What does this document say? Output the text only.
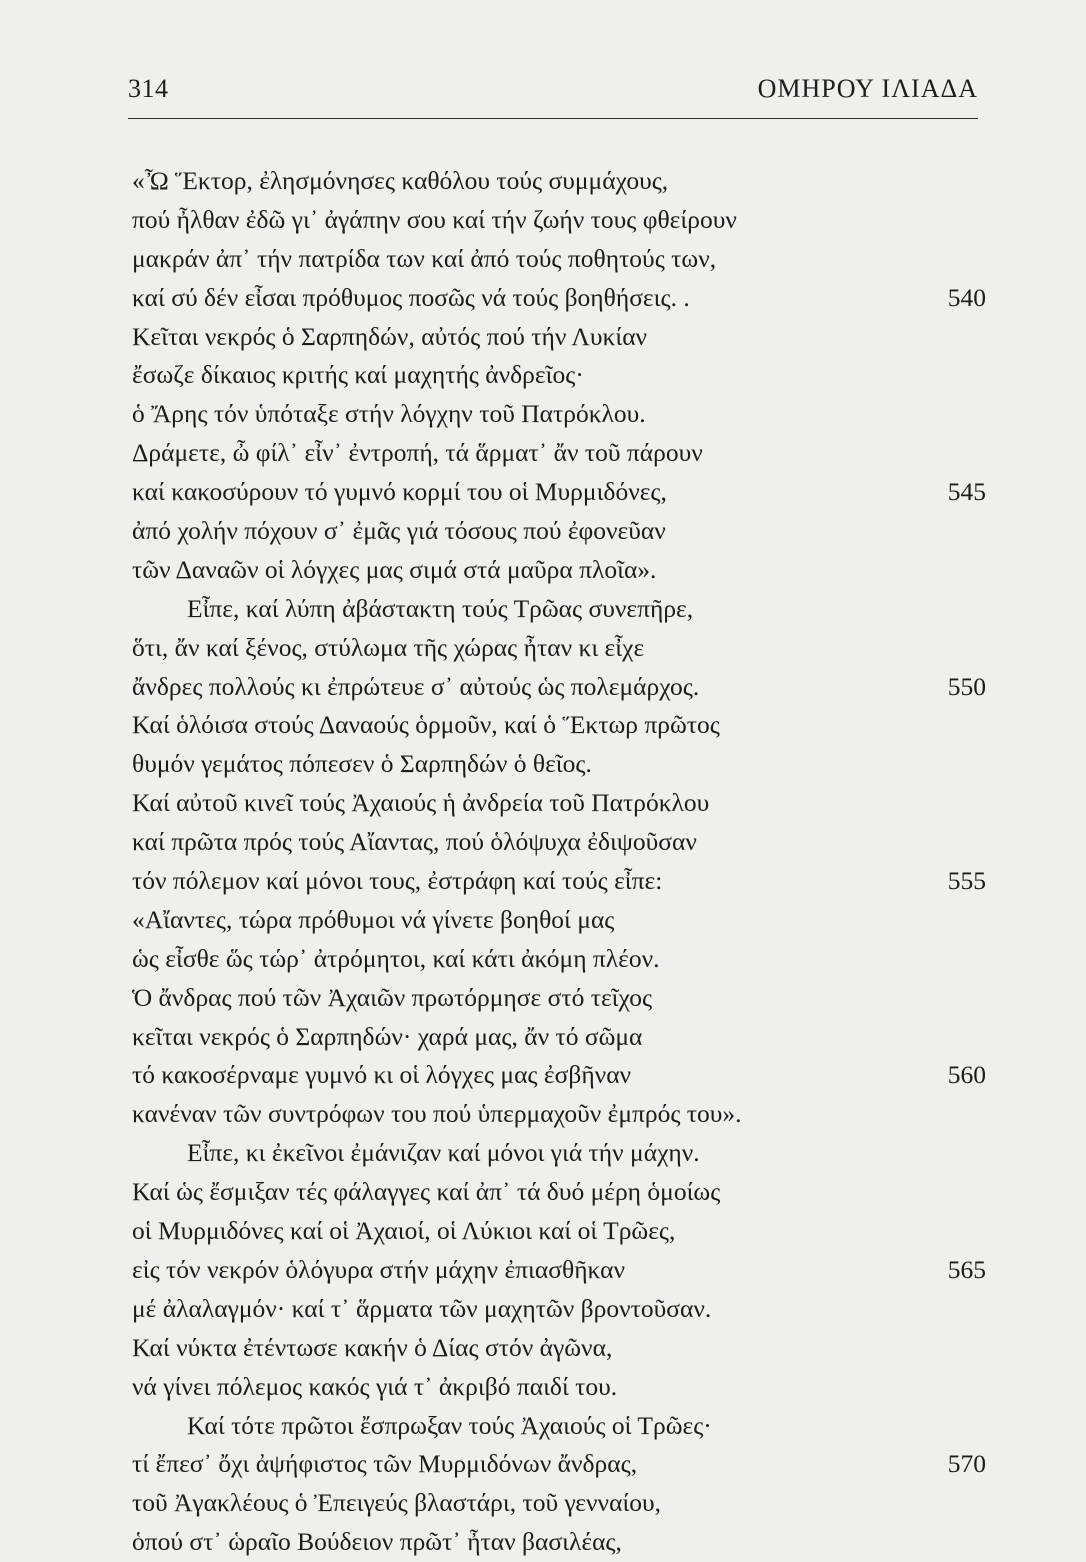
314	ΟΜΗΡΟΥ ΙΛΙΑΔΑ
«Ὦ Ἕκτορ, ἐλησμόνησες καθόλου τούς συμμάχους,
πού ἦλθαν ἐδῶ γι᾽ ἀγάπην σου καί τήν ζωήν τους φθείρουν
μακράν ἀπ᾽ τήν πατρίδα των καί ἀπό τούς ποθητούς των,
καί σύ δέν εἶσαι πρόθυμος ποσῶς νά τούς βοηθήσεις. .	540
Κεῖται νεκρός ὁ Σαρπηδών, αὐτός πού τήν Λυκίαν
ἔσωζε δίκαιος κριτής καί μαχητής ἀνδρεῖος·
ὁ Ἄρης τόν ὑπόταξε στήν λόγχην τοῦ Πατρόκλου.
Δράμετε, ὦ φίλ᾽ εἶν᾽ ἐντροπή, τά ἅρματ᾽ ἄν τοῦ πάρουν
καί κακοσύρουν τό γυμνό κορμί του οἱ Μυρμιδόνες,	545
ἀπό χολήν πόχουν σ᾽ ἐμᾶς γιά τόσους πού ἐφονεῦαν
τῶν Δαναῶν οἱ λόγχες μας σιμά στά μαῦρα πλοῖα».
Εἶπε, καί λύπη ἀβάστακτη τούς Τρῶας συνεπῆρε,
ὅτι, ἄν καί ξένος, στύλωμα τῆς χώρας ἦταν κι εἶχε
ἄνδρες πολλούς κι ἐπρώτευε σ᾽ αὐτούς ὡς πολεμάρχος.	550
Καί ὁλόισα στούς Δαναούς ὁρμοῦν, καί ὁ Ἕκτωρ πρῶτος
θυμόν γεμάτος πόπεσεν ὁ Σαρπηδών ὁ θεῖος.
Καί αὐτοῦ κινεῖ τούς Ἀχαιούς ἡ ἀνδρεία τοῦ Πατρόκλου
καί πρῶτα πρός τούς Αἴαντας, πού ὁλόψυχα ἐδιψοῦσαν
τόν πόλεμον καί μόνοι τους, ἐστράφη καί τούς εἶπε:	555
«Αἴαντες, τώρα πρόθυμοι νά γίνετε βοηθοί μας
ὡς εἶσθε ὥς τώρ᾽ ἀτρόμητοι, καί κάτι ἀκόμη πλέον.
Ὁ ἄνδρας πού τῶν Ἀχαιῶν πρωτόρμησε στό τεῖχος
κεῖται νεκρός ὁ Σαρπηδών· χαρά μας, ἄν τό σῶμα
τό κακοσέρναμε γυμνό κι οἱ λόγχες μας ἐσβῆναν	560
κανέναν τῶν συντρόφων του πού ὑπερμαχοῦν ἐμπρός του».
Εἶπε, κι ἐκεῖνοι ἐμάνιζαν καί μόνοι γιά τήν μάχην.
Καί ὡς ἔσμιξαν τές φάλαγγες καί ἀπ᾽ τά δυό μέρη ὁμοίως
οἱ Μυρμιδόνες καί οἱ Ἀχαιοί, οἱ Λύκιοι καί οἱ Τρῶες,
εἰς τόν νεκρόν ὁλόγυρα στήν μάχην ἐπιασθῆκαν	565
μέ ἀλαλαγμόν· καί τ᾽ ἅρματα τῶν μαχητῶν βροντοῦσαν.
Καί νύκτα ἐτέντωσε κακήν ὁ Δίας στόν ἀγῶνα,
νά γίνει πόλεμος κακός γιά τ᾽ ἀκριβό παιδί του.
Καί τότε πρῶτοι ἔσπρωξαν τούς Ἀχαιούς οἱ Τρῶες·
τί ἔπεσ᾽ ὄχι ἀψήφιστος τῶν Μυρμιδόνων ἄνδρας,	570
τοῦ Ἀγακλέους ὁ Ἐπειγεύς βλαστάρι, τοῦ γενναίου,
ὁπού στ᾽ ὡραῖο Βούδειον πρῶτ᾽ ἦταν βασιλέας,
